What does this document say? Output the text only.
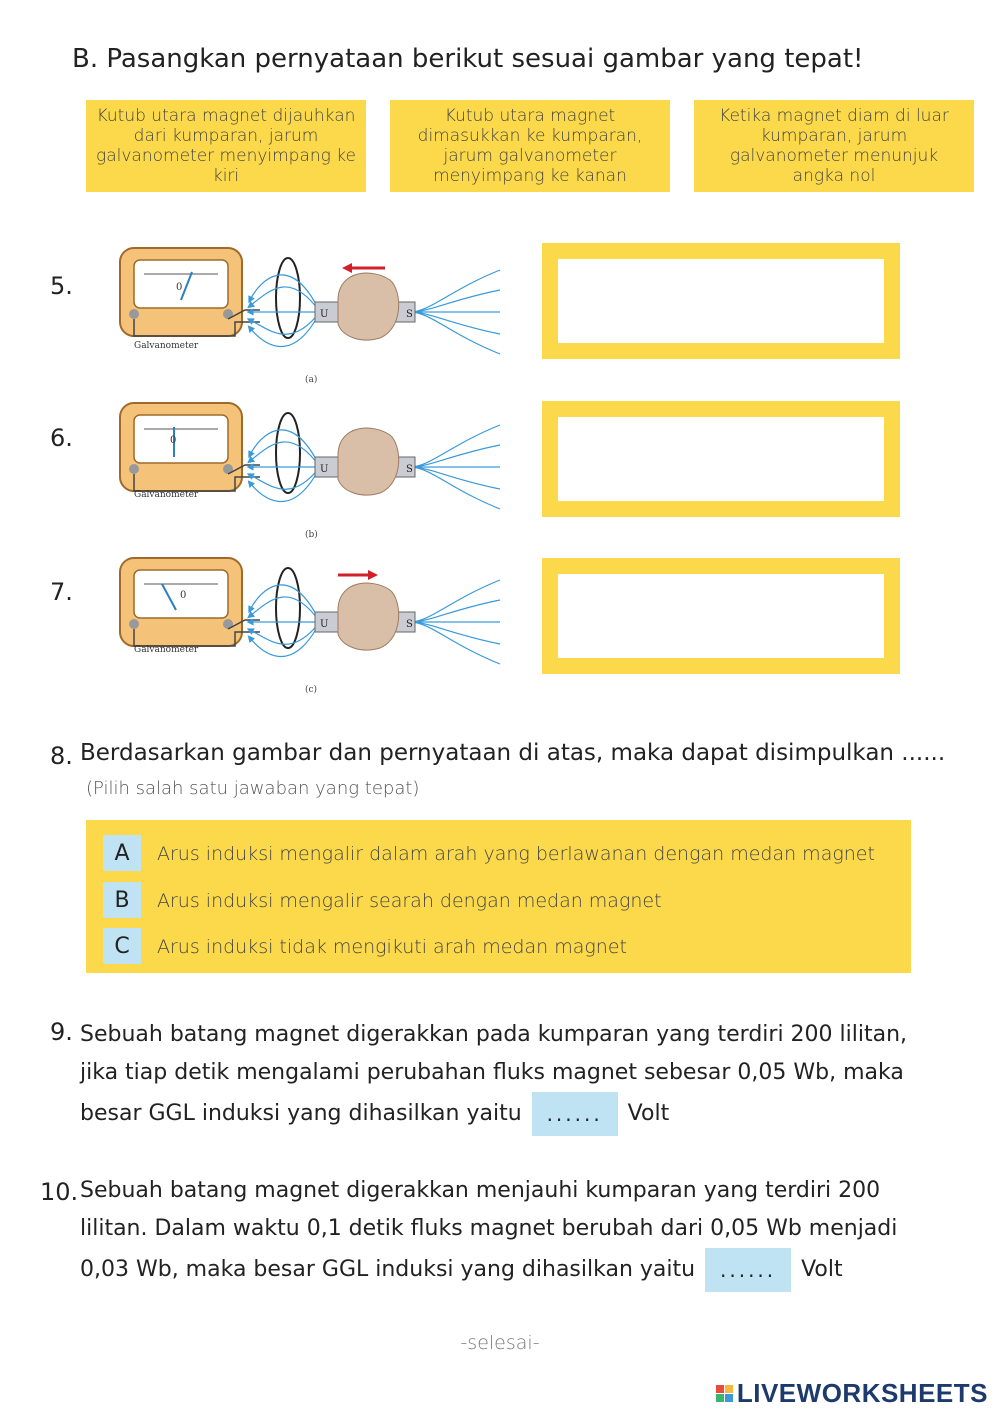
B. Pasangkan pernyataan berikut sesuai gambar yang tepat!
Kutub utara magnet dijauhkan dari kumparan, jarum galvanometer menyimpang ke kiri
Kutub utara magnet dimasukkan ke kumparan, jarum galvanometer menyimpang ke kanan
Ketika magnet diam di luar kumparan, jarum galvanometer menunjuk angka nol
5.
6.
7.
0
Galvanometer
U	S
(a)
0
Galvanometer
U	S
(b)
0
Galvanometer
U	S
(c)
8. Berdasarkan gambar dan pernyataan di atas, maka dapat disimpulkan ......
(Pilih salah satu jawaban yang tepat)
A	Arus induksi mengalir dalam arah yang berlawanan dengan medan magnet
B	Arus induksi mengalir searah dengan medan magnet
C	Arus induksi tidak mengikuti arah medan magnet
9. Sebuah batang magnet digerakkan pada kumparan yang terdiri 200 lilitan,
jika tiap detik mengalami perubahan fluks magnet sebesar 0,05 Wb, maka
besar GGL induksi yang dihasilkan yaitu ...... Volt
10. Sebuah batang magnet digerakkan menjauhi kumparan yang terdiri 200
lilitan. Dalam waktu 0,1 detik fluks magnet berubah dari 0,05 Wb menjadi
0,03 Wb, maka besar GGL induksi yang dihasilkan yaitu ...... Volt
-selesai-
LIVEWORKSHEETS
